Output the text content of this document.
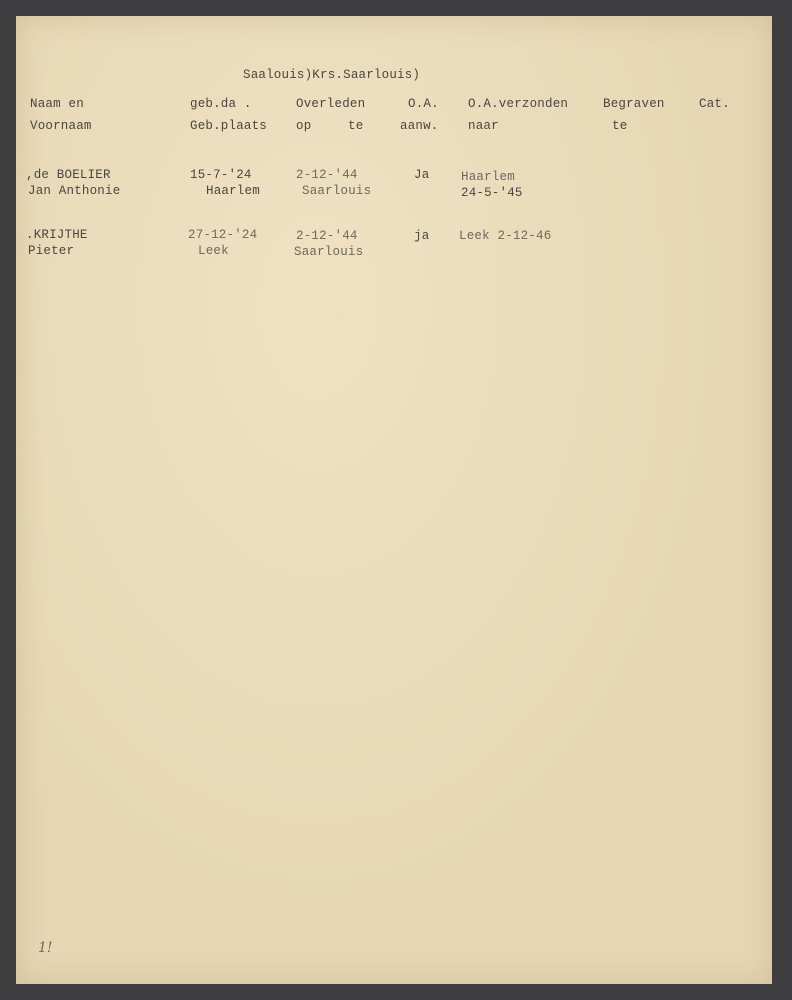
Saalouis)Krs.Saarlouis)
Naam en
Voornaam
geb.da .
Geb.plaats
Overleden
op	te
O.A.
aanw.
O.A.verzonden
naar
Begraven
te
Cat.
,de BOELIER
Jan Anthonie
15-7-'24
Haarlem
2-12-'44
Saarlouis
Ja	Haarlem
24-5-'45
.KRIJTHE
Pieter
27-12-'24
Leek
2-12-'44
Saarlouis
ja Leek 2-12-46
1!
